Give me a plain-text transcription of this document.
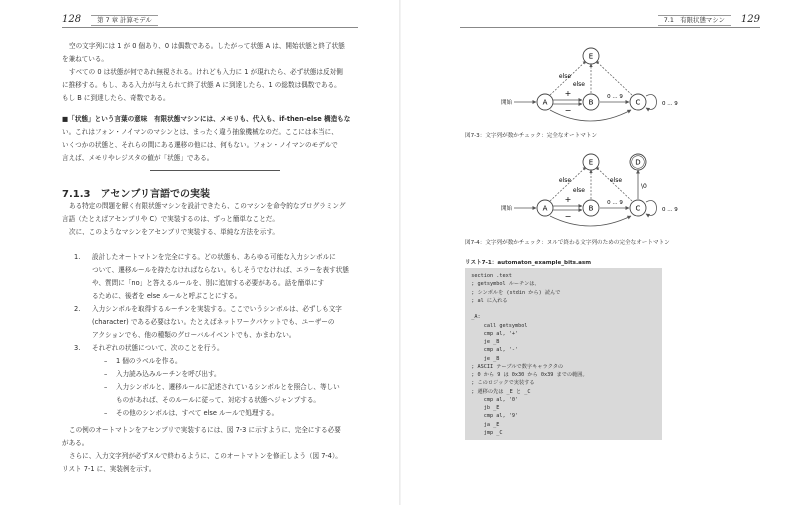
128	第 7 章 計算モデル
空の文字列には 1 が 0 個あり、0 は偶数である。したがって状態 A は、開始状態と終了状態
を兼ねている。
すべての 0 は状態が何であれ無視される。けれども入力に 1 が現れたら、必ず状態は反対側
に推移する。もし、ある入力が与えられて終了状態 A に到達したら、1 の総数は偶数である。
もし B に到達したら、奇数である。
■「状態」という言葉の意味　有限状態マシンには、メモリも、代入も、if-then-else 構造もな
い。これはフォン・ノイマンのマシンとは、まったく違う抽象機械なのだ。ここには本当に、
いくつかの状態と、それらの間にある遷移の他には、何もない。フォン・ノイマンのモデルで
言えば、メモリやレジスタの値が「状態」である。
7.1.3　アセンブリ言語での実装
ある特定の問題を解く有限状態マシンを設計できたら、このマシンを命令的なプログラミング
言語（たとえばアセンブリや C）で実装するのは、ずっと簡単なことだ。
次に、このようなマシンをアセンブリで実装する、単純な方法を示す。
1. 設計したオートマトンを完全にする。どの状態も、あらゆる可能な入力シンボルに
ついて、遷移ルールを持たなければならない。もしそうでなければ、エラーを表す状態
や、質問に「no」と答えるルールを、別に追加する必要がある。話を簡単にす
るために、後者を else ルールと呼ぶことにする。
2. 入力シンボルを取得するルーチンを実装する。ここでいうシンボルは、必ずしも文字
(character) である必要はない。たとえばネットワークパケットでも、ユーザーの
アクションでも、他の種類のグローバルイベントでも、かまわない。
3. それぞれの状態について、次のことを行う。
– 1 個のラベルを作る。
– 入力読み込みルーチンを呼び出す。
– 入力シンボルと、遷移ルールに記述されているシンボルとを照合し、等しい
ものがあれば、そのルールに従って、対応する状態へジャンプする。
– その他のシンボルは、すべて else ルールで処理する。
この例のオートマトンをアセンブリで実装するには、図 7-3 に示すように、完全にする必要
がある。
さらに、入力文字列が必ずヌルで終わるように、このオートマトンを修正しよう（図 7-4）。
リスト 7-1 に、実装例を示す。
7.1　有限状態マシン 129
A	B	C
E
開始
else
else
+
−
0 ... 9
0 ... 9
図7-3：文字列が数かチェック：完全なオートマトン
A	B	C
E	D
開始
else
else
else
+
−
0 ... 9
0 ... 9
\0
図7-4：文字列が数かチェック：ヌルで終わる文字列のための完全なオートマトン
リスト7-1：automaton_example_bits.asm
section .text
; getsymbol ルーチンは、
; シンボルを (stdin から) 読んで
; al に入れる
_A:
call getsymbol
cmp al, '+'
je _B
cmp al, '-'
je _B
; ASCII テーブルで数字キャラクタの
; 0 から 9 は 0x30 から 0x39 までの範囲。
; このロジックで実装する
; 遷移の先は _E と _C
cmp al, '0'
jb _E
cmp al, '9'
ja _E
jmp _C
